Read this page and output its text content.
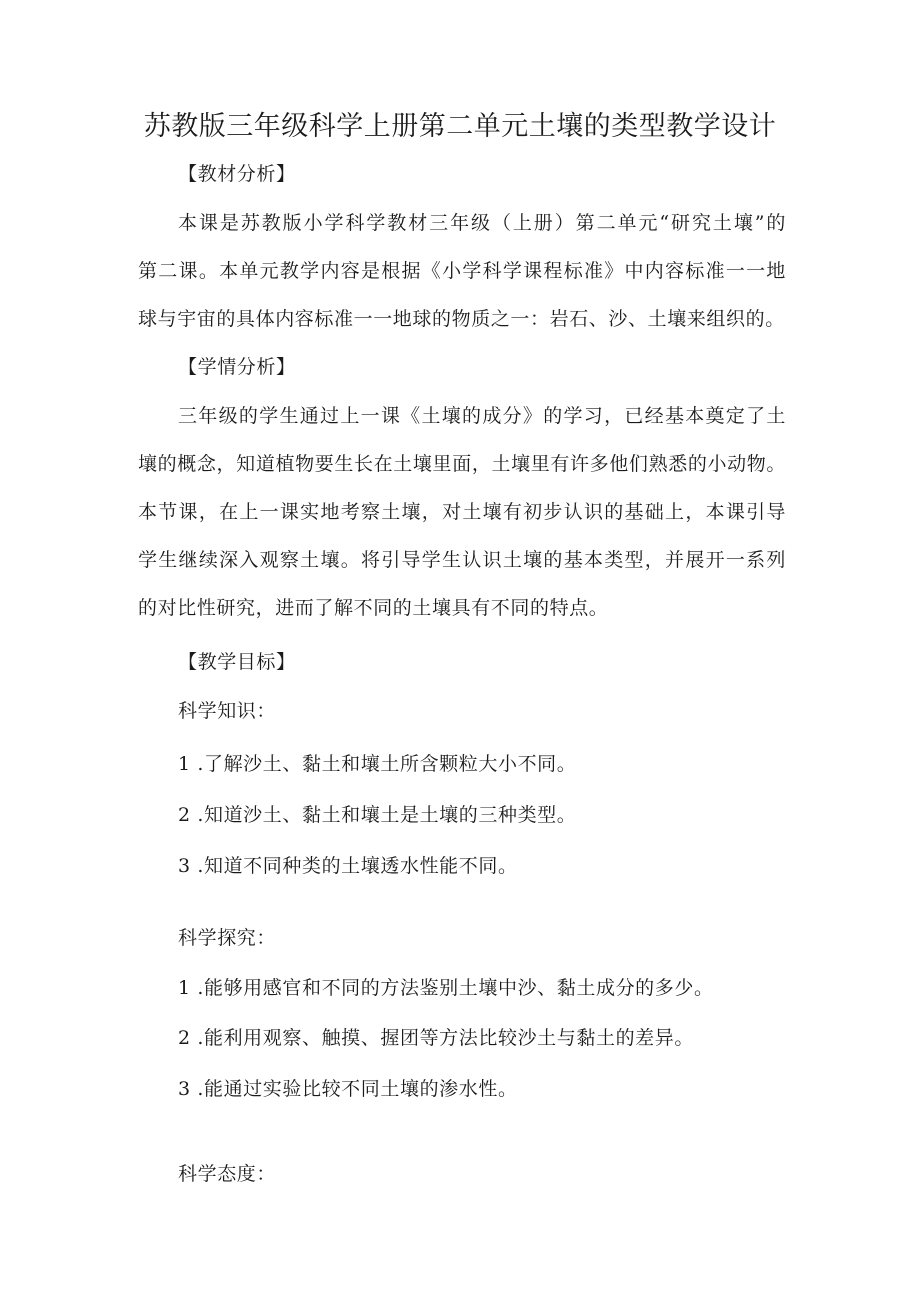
苏教版三年级科学上册第二单元土壤的类型教学设计
【教材分析】
本课是苏教版小学科学教材三年级（上册）第二单元“研究土壤”的
第二课。本单元教学内容是根据《小学科学课程标准》中内容标准一一地
球与宇宙的具体内容标准一一地球的物质之一：岩石、沙、土壤来组织的。
【学情分析】
三年级的学生通过上一课《土壤的成分》的学习，已经基本奠定了土
壤的概念，知道植物要生长在土壤里面，土壤里有许多他们熟悉的小动物。
本节课，在上一课实地考察土壤，对土壤有初步认识的基础上，本课引导
学生继续深入观察土壤。将引导学生认识土壤的基本类型，并展开一系列
的对比性研究，进而了解不同的土壤具有不同的特点。
【教学目标】
科学知识：
1 .了解沙土、黏土和壤土所含颗粒大小不同。
2 .知道沙土、黏土和壤土是土壤的三种类型。
3 .知道不同种类的土壤透水性能不同。
科学探究：
1 .能够用感官和不同的方法鉴别土壤中沙、黏土成分的多少。
2 .能利用观察、触摸、握团等方法比较沙土与黏土的差异。
3 .能通过实验比较不同土壤的渗水性。
科学态度：
